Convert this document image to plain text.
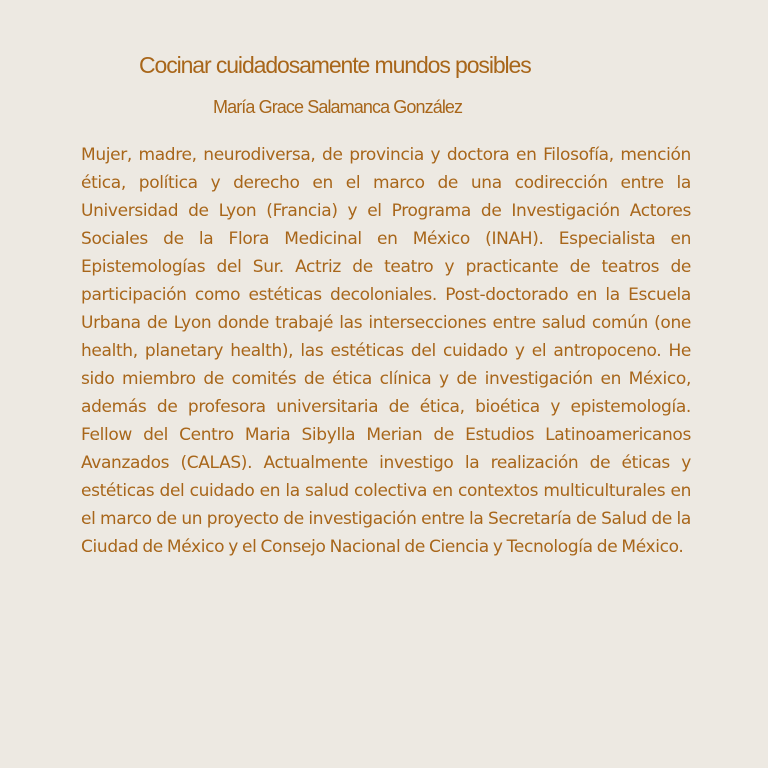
Cocinar cuidadosamente mundos posibles
María Grace Salamanca González

Mujer, madre, neurodiversa, de provincia y doctora en Filosofía, mención ética, política y derecho en el marco de una codirección entre la Universidad de Lyon (Francia) y el Programa de Investigación Actores Sociales de la Flora Medicinal en México (INAH). Especialista en Epistemologías del Sur. Actriz de teatro y practicante de teatros de participación como estéticas decoloniales. Post-doctorado en la Escuela Urbana de Lyon donde trabajé las intersecciones entre salud común (one health, planetary health), las estéticas del cuidado y el antropoceno. He sido miembro de comités de ética clínica y de investigación en México, además de profesora universitaria de ética, bioética y epistemología. Fellow del Centro Maria Sibylla Merian de Estudios Latinoamericanos Avanzados (CALAS). Actualmente investigo la realización de éticas y estéticas del cuidado en la salud colectiva en contextos multiculturales en el marco de un proyecto de investigación entre la Secretaría de Salud de la Ciudad de México y el Consejo Nacional de Ciencia y Tecnología de México.
